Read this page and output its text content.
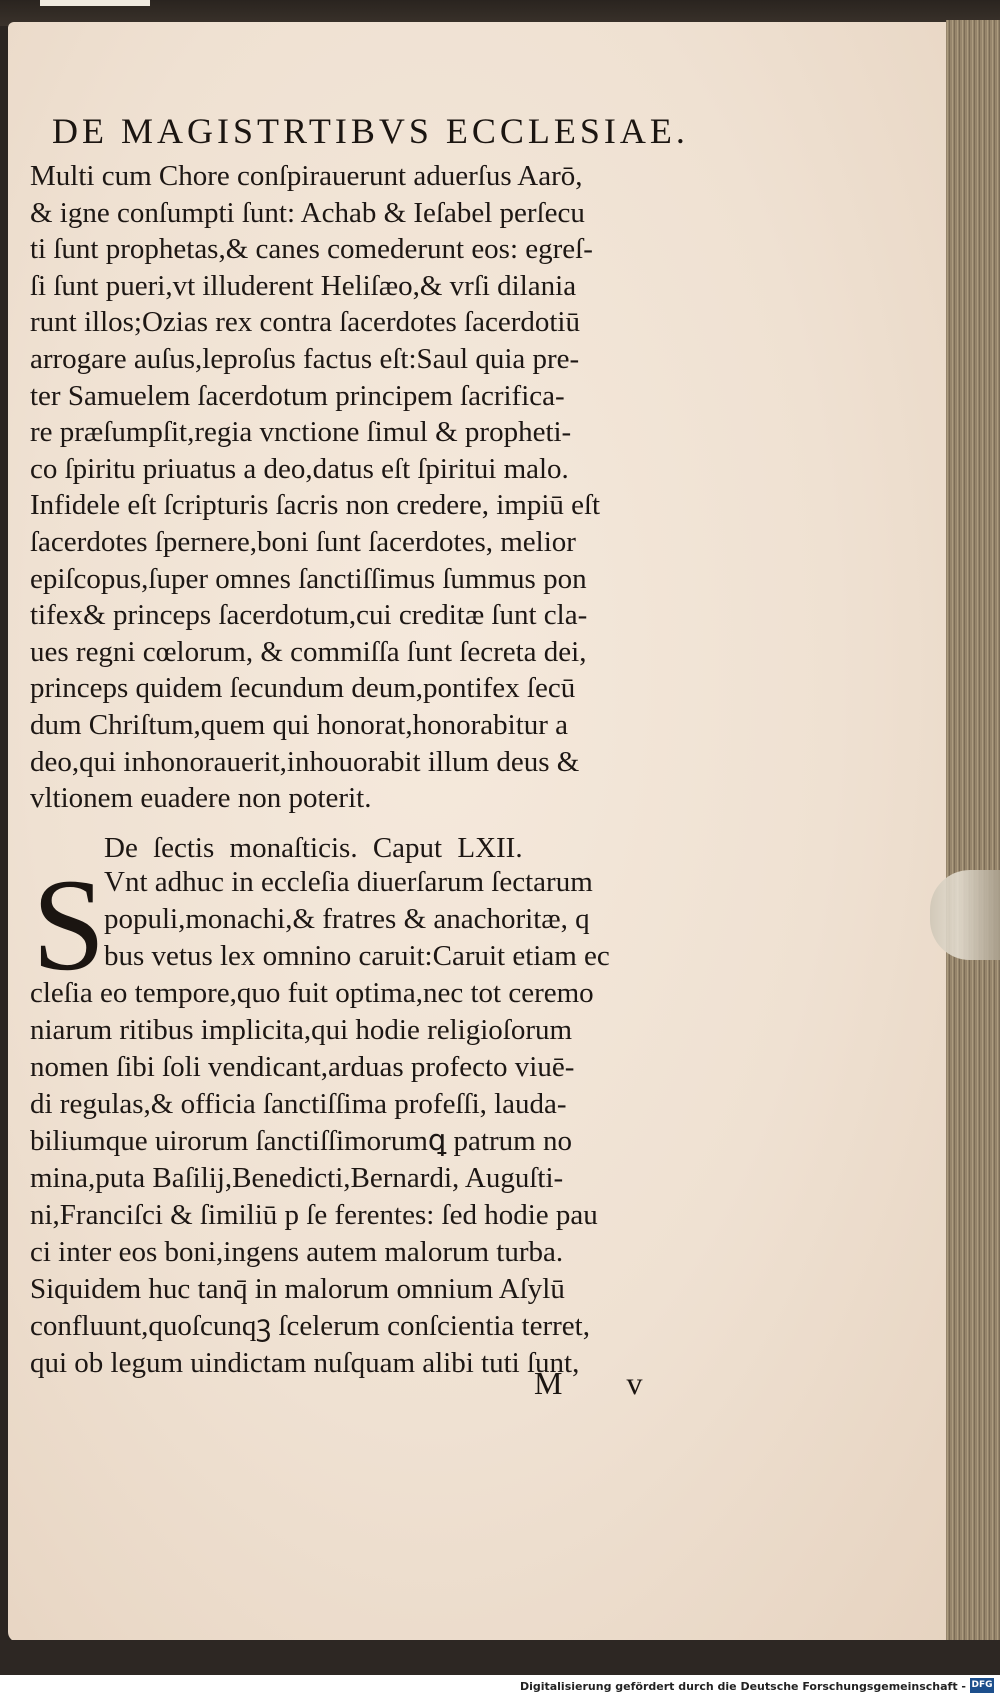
DE MAGISTRTIBVS ECCLESIAE.
Multi cum Chore conſpirauerunt aduerſus Aarō,
& igne conſumpti ſunt: Achab & Ieſabel perſecu
ti ſunt prophetas,& canes comederunt eos: egreſ-
ſi ſunt pueri,vt illuderent Heliſæo,& vrſi dilania
runt illos;Ozias rex contra ſacerdotes ſacerdotiū
arrogare auſus,leproſus factus eſt:Saul quia pre-
ter Samuelem ſacerdotum principem ſacrifica-
re præſumpſit,regia vnctione ſimul & propheti-
co ſpiritu priuatus a deo,datus eſt ſpiritui malo.
Infidele eſt ſcripturis ſacris non credere, impiū eſt
ſacerdotes ſpernere,boni ſunt ſacerdotes, melior
epiſcopus,ſuper omnes ſanctiſſimus ſummus pon
tifex& princeps ſacerdotum,cui creditæ ſunt cla-
ues regni cœlorum, & commiſſa ſunt ſecreta dei,
princeps quidem ſecundum deum,pontifex ſecū
dum Chriſtum,quem qui honorat,honorabitur a
deo,qui inhonorauerit,inhouorabit illum deus &
vltionem euadere non poterit.
De ſectis monaſticis. Caput LXII.
S
Vnt adhuc in eccleſia diuerſarum ſectarum
populi,monachi,& fratres & anachoritæ, q
bus vetus lex omnino caruit:Caruit etiam ec
cleſia eo tempore,quo fuit optima,nec tot ceremo
niarum ritibus implicita,qui hodie religioſorum
nomen ſibi ſoli vendicant,arduas profecto viuē-
di regulas,& officia ſanctiſſima profeſſi, lauda-
biliumque uirorum ſanctiſſimorumꝗ patrum no
mina,puta Baſilij,Benedicti,Bernardi, Auguſti-
ni,Franciſci & ſimiliū p ſe ferentes: ſed hodie pau
ci inter eos boni,ingens autem malorum turba.
Siquidem huc tanq̄ in malorum omnium Aſylū
confluunt,quoſcunqꝫ ſcelerum conſcientia terret,
qui ob legum uindictam nuſquam alibi tuti ſunt,
M v
Digitalisierung gefördert durch die Deutsche Forschungsgemeinschaft - DFG
